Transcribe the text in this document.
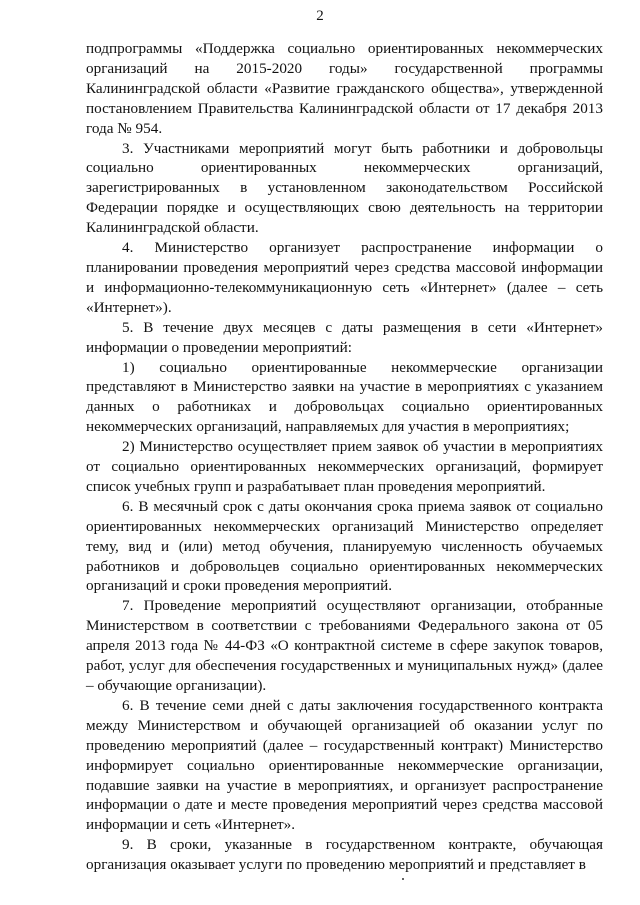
2

подпрограммы «Поддержка социально ориентированных некоммерческих организаций на 2015-2020 годы» государственной программы Калининградской области «Развитие гражданского общества», утвержденной постановлением Правительства Калининградской области от 17 декабря 2013 года № 954.

3. Участниками мероприятий могут быть работники и добровольцы социально ориентированных некоммерческих организаций, зарегистрированных в установленном законодательством Российской Федерации порядке и осуществляющих свою деятельность на территории Калининградской области.

4. Министерство организует распространение информации о планировании проведения мероприятий через средства массовой информации и информационно-телекоммуникационную сеть «Интернет» (далее – сеть «Интернет»).

5. В течение двух месяцев с даты размещения в сети «Интернет» информации о проведении мероприятий:

1) социально ориентированные некоммерческие организации представляют в Министерство заявки на участие в мероприятиях с указанием данных о работниках и добровольцах социально ориентированных некоммерческих организаций, направляемых для участия в мероприятиях;

2) Министерство осуществляет прием заявок об участии в мероприятиях от социально ориентированных некоммерческих организаций, формирует список учебных групп и разрабатывает план проведения мероприятий.

6. В месячный срок с даты окончания срока приема заявок от социально ориентированных некоммерческих организаций Министерство определяет тему, вид и (или) метод обучения, планируемую численность обучаемых работников и добровольцев социально ориентированных некоммерческих организаций и сроки проведения мероприятий.

7. Проведение мероприятий осуществляют организации, отобранные Министерством в соответствии с требованиями Федерального закона от 05 апреля 2013 года № 44-ФЗ «О контрактной системе в сфере закупок товаров, работ, услуг для обеспечения государственных и муниципальных нужд» (далее – обучающие организации).

6. В течение семи дней с даты заключения государственного контракта между Министерством и обучающей организацией об оказании услуг по проведению мероприятий (далее – государственный контракт) Министерство информирует социально ориентированные некоммерческие организации, подавшие заявки на участие в мероприятиях, и организует распространение информации о дате и месте проведения мероприятий через средства массовой информации и сеть «Интернет».

9. В сроки, указанные в государственном контракте, обучающая организация оказывает услуги по проведению мероприятий и представляет в
